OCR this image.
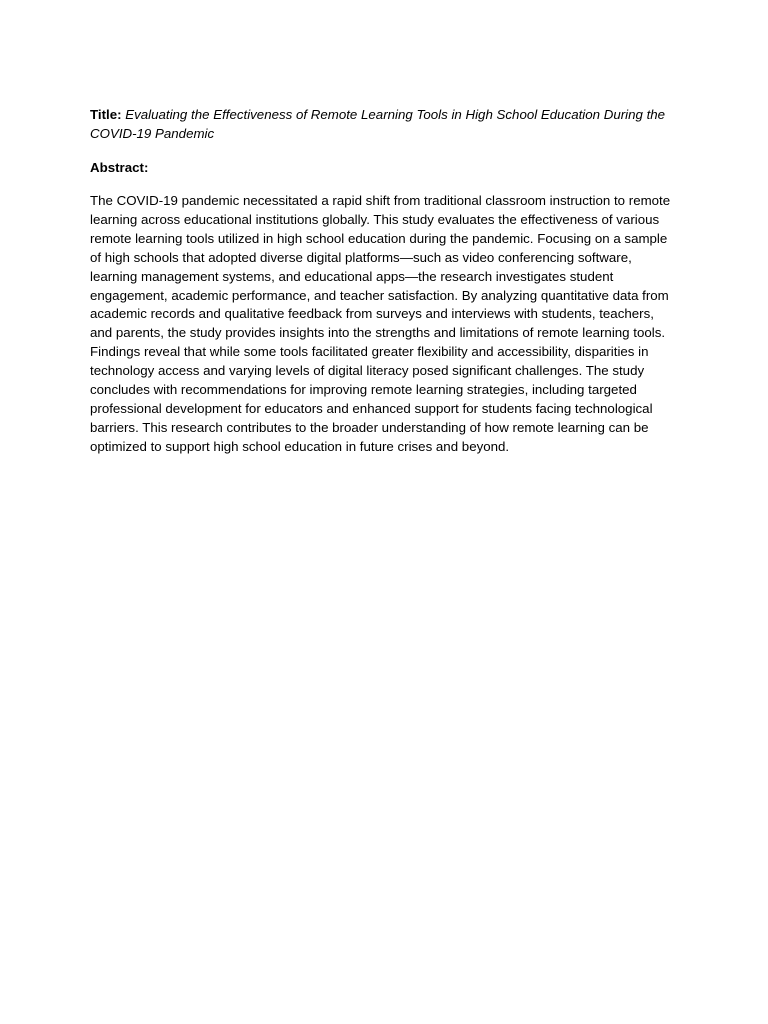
Title: Evaluating the Effectiveness of Remote Learning Tools in High School Education During the COVID-19 Pandemic

Abstract:

The COVID-19 pandemic necessitated a rapid shift from traditional classroom instruction to remote learning across educational institutions globally. This study evaluates the effectiveness of various remote learning tools utilized in high school education during the pandemic. Focusing on a sample of high schools that adopted diverse digital platforms—such as video conferencing software, learning management systems, and educational apps—the research investigates student engagement, academic performance, and teacher satisfaction. By analyzing quantitative data from academic records and qualitative feedback from surveys and interviews with students, teachers, and parents, the study provides insights into the strengths and limitations of remote learning tools. Findings reveal that while some tools facilitated greater flexibility and accessibility, disparities in technology access and varying levels of digital literacy posed significant challenges. The study concludes with recommendations for improving remote learning strategies, including targeted professional development for educators and enhanced support for students facing technological barriers. This research contributes to the broader understanding of how remote learning can be optimized to support high school education in future crises and beyond.
